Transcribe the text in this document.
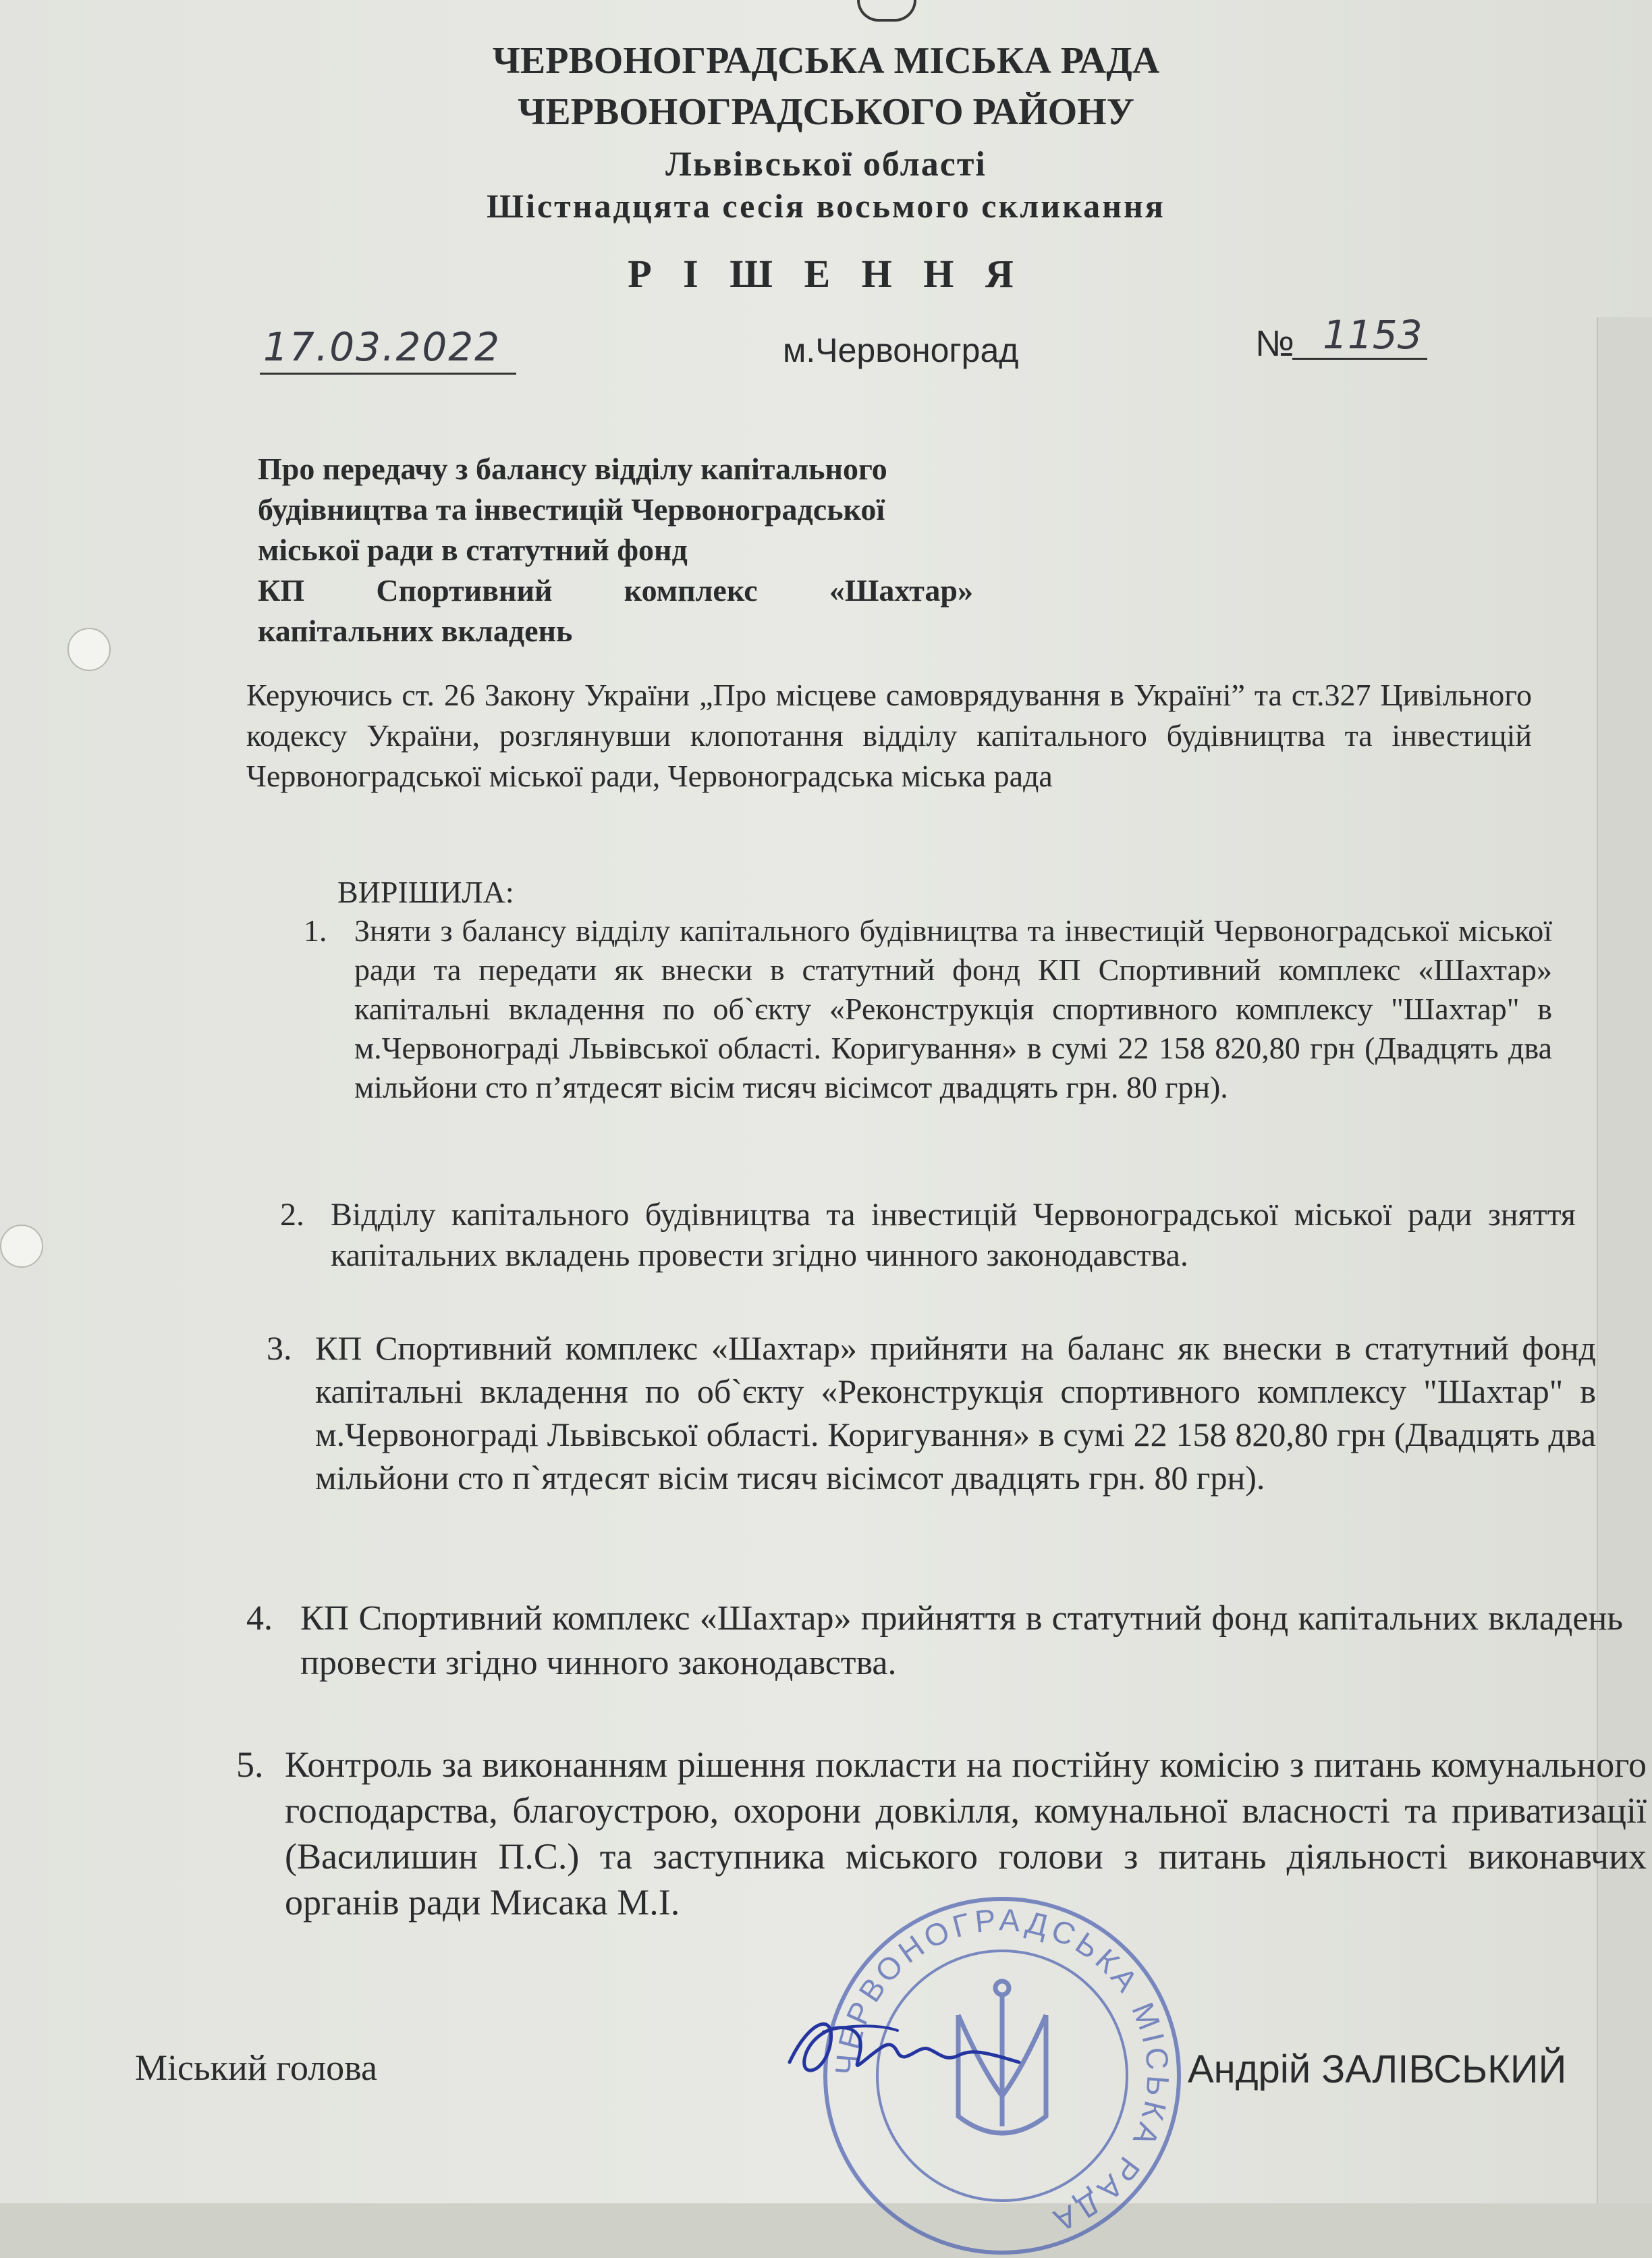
ЧЕРВОНОГРАДСЬКА МІСЬКА РАДА
ЧЕРВОНОГРАДСЬКОГО РАЙОНУ
Львівської області
Шістнадцята сесія восьмого скликання
Р І Ш Е Н Н Я
17.03.2022	м.Червоноград	№ 1153
Про передачу з балансу відділу капітального
будівництва та інвестицій Червоноградської
міської ради в статутний фонд
КП Спортивний комплекс «Шахтар»
капітальних вкладень
Керуючись ст. 26 Закону України „Про місцеве самоврядування в Україні” та ст.327 Цивільного кодексу України, розглянувши клопотання відділу капітального будівництва та інвестицій Червоноградської міської ради, Червоноградська міська рада
ВИРІШИЛА:
1. Зняти з балансу відділу капітального будівництва та інвестицій Червоноградської міської ради та передати як внески в статутний фонд КП Спортивний комплекс «Шахтар» капітальні вкладення по об`єкту «Реконструкція спортивного комплексу "Шахтар" в м.Червонограді Львівської області. Коригування» в сумі 22 158 820,80 грн (Двадцять два мільйони сто п’ятдесят вісім тисяч вісімсот двадцять грн. 80 грн).
2. Відділу капітального будівництва та інвестицій Червоноградської міської ради зняття капітальних вкладень провести згідно чинного законодавства.
3. КП Спортивний комплекс «Шахтар» прийняти на баланс як внески в статутний фонд капітальні вкладення по об`єкту «Реконструкція спортивного комплексу "Шахтар" в м.Червонограді Львівської області. Коригування» в сумі 22 158 820,80 грн (Двадцять два мільйони сто п`ятдесят вісім тисяч вісімсот двадцять грн. 80 грн).
4. КП Спортивний комплекс «Шахтар» прийняття в статутний фонд капітальних вкладень провести згідно чинного законодавства.
5. Контроль за виконанням рішення покласти на постійну комісію з питань комунального господарства, благоустрою, охорони довкілля, комунальної власності та приватизації (Василишин П.С.) та заступника міського голови з питань діяльності виконавчих органів ради Мисака М.І.
ЧЕРВОНОГРАДСЬКА МІСЬКА РАДА
Міський голова	Андрій ЗАЛІВСЬКИЙ
